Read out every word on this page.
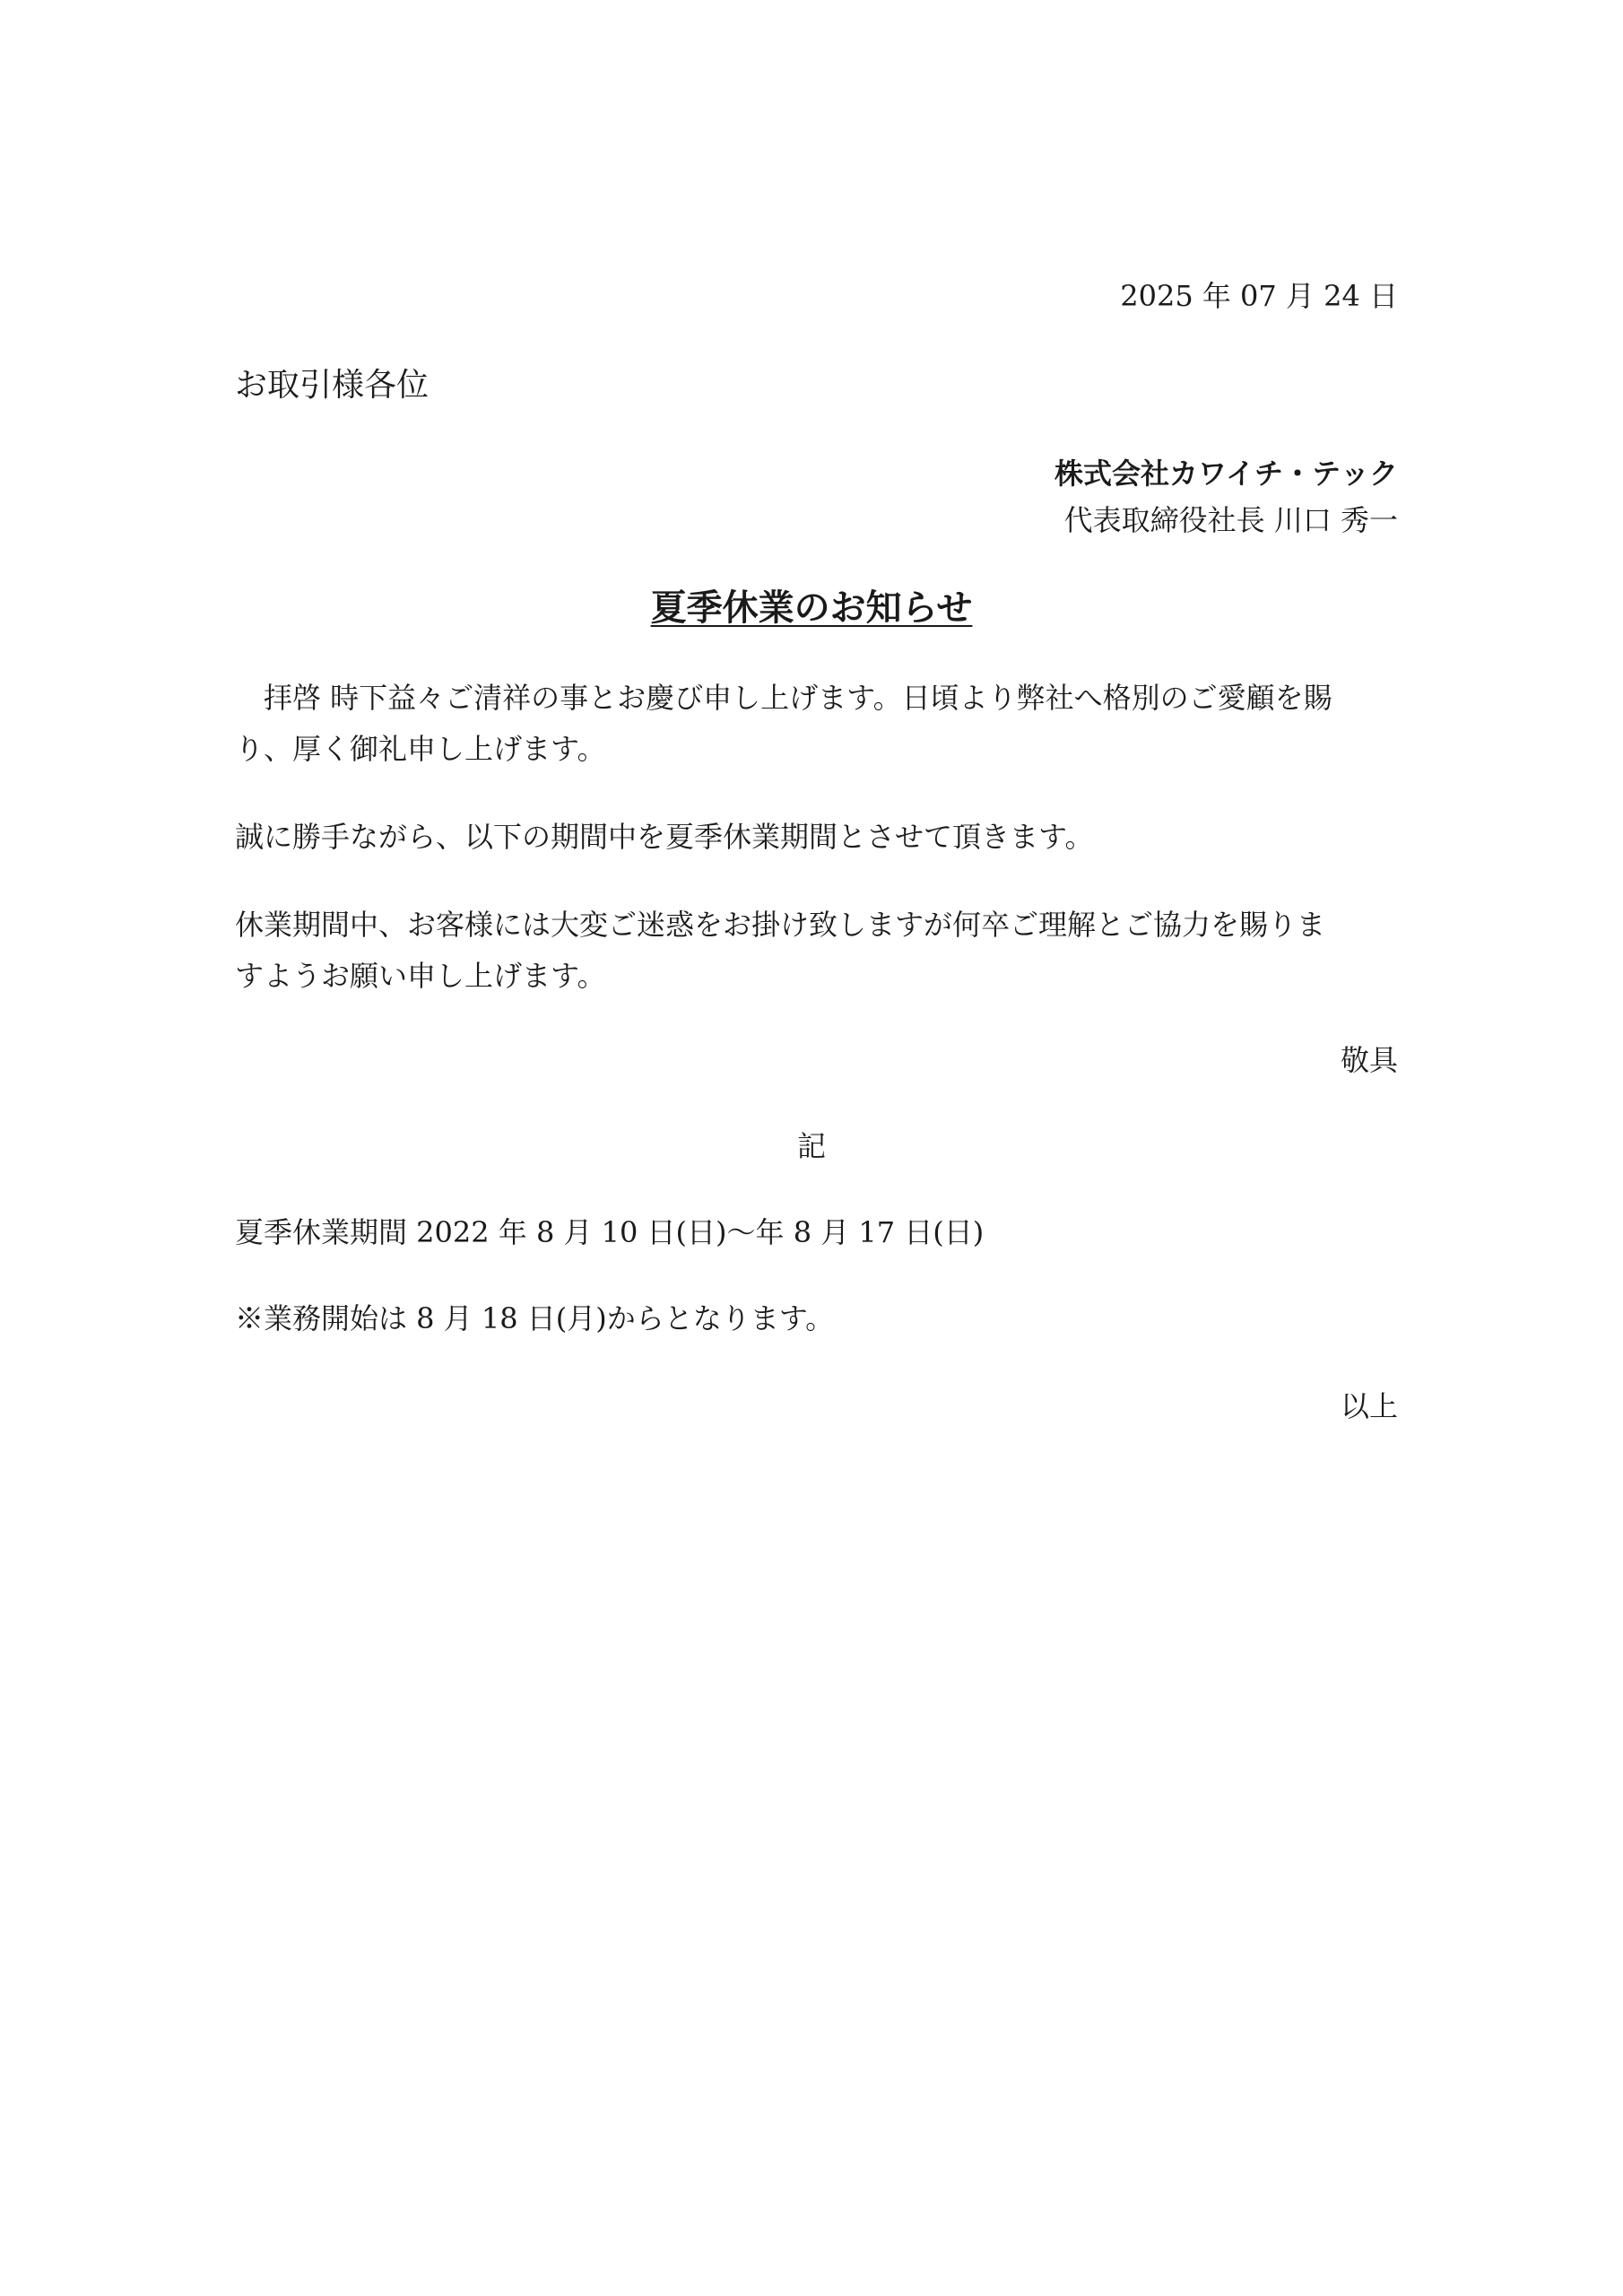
2025 年 07 月 24 日
お取引様各位
株式会社カワイチ・テック
代表取締役社長 川口 秀一
夏季休業のお知らせ
　拝啓 時下益々ご清祥の事とお慶び申し上げます。日頃より弊社へ格別のご愛顧を賜
り、厚く御礼申し上げます。
誠に勝手ながら、以下の期間中を夏季休業期間とさせて頂きます。
休業期間中、お客様には大変ご迷惑をお掛け致しますが何卒ご理解とご協力を賜りま
すようお願い申し上げます。
敬具
記
夏季休業期間 2022 年 8 月 10 日(日)～年 8 月 17 日(日)
※業務開始は 8 月 18 日(月)からとなります。
以上
